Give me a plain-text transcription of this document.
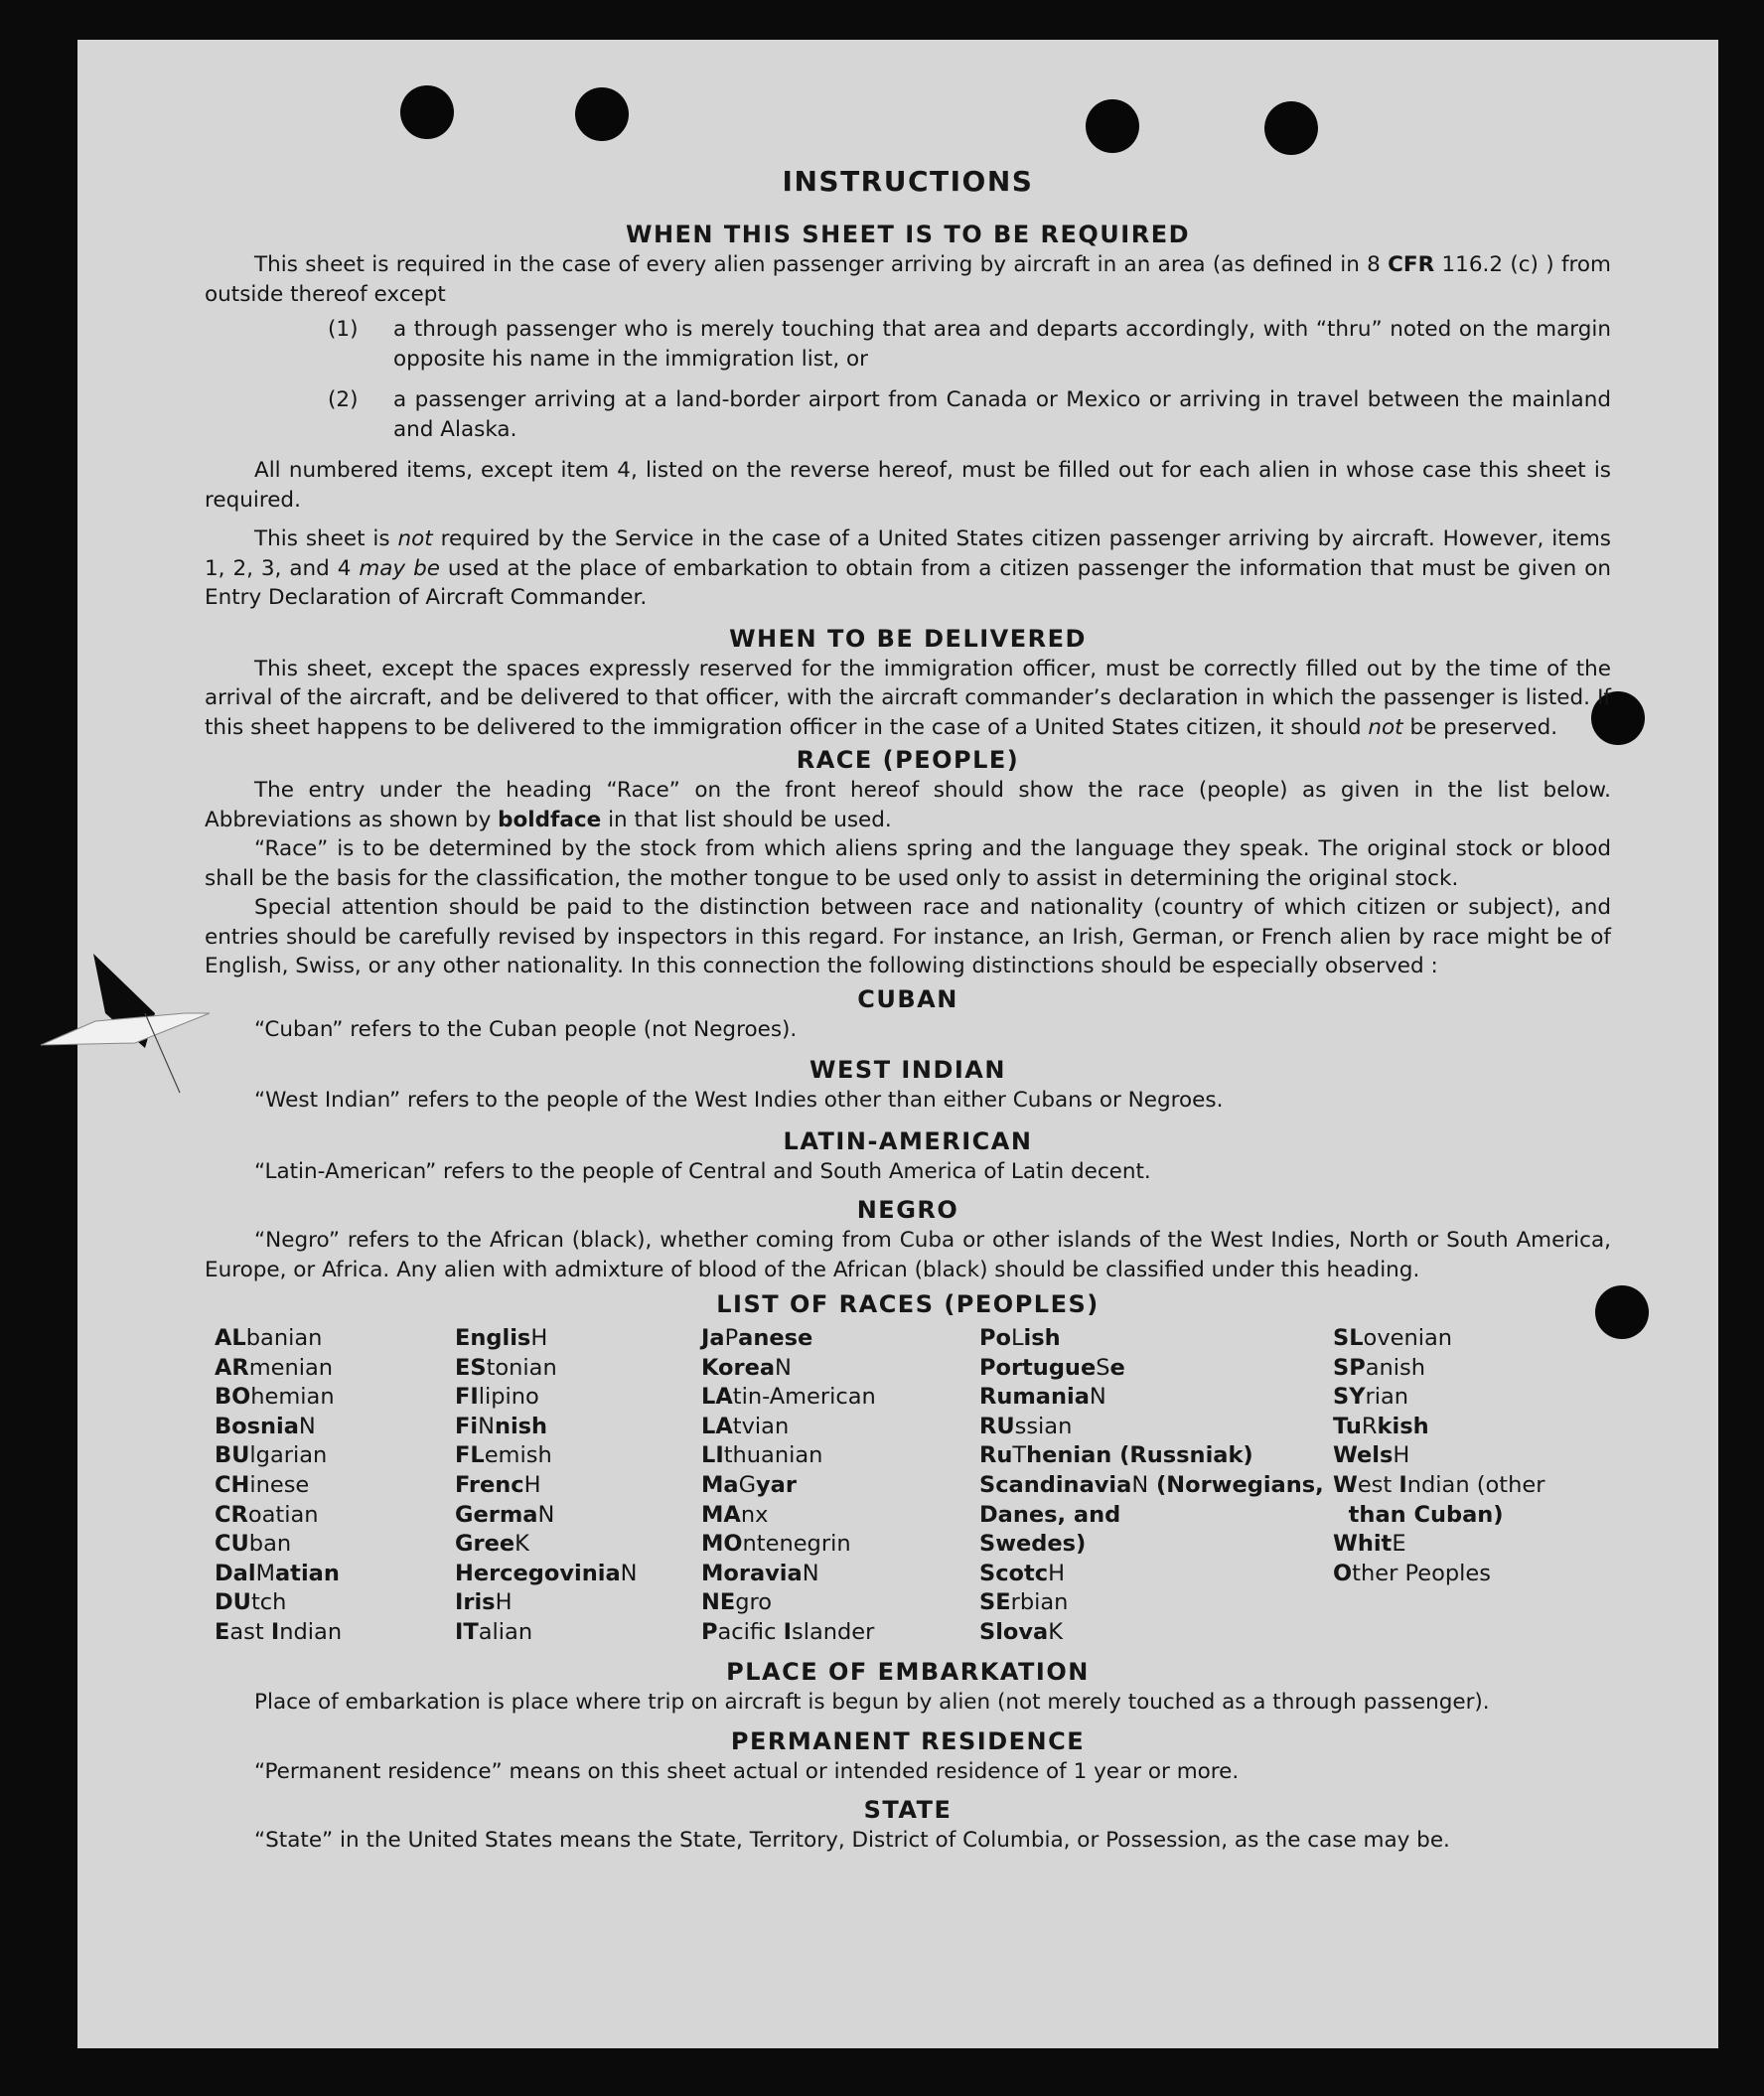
INSTRUCTIONS
WHEN THIS SHEET IS TO BE REQUIRED

This sheet is required in the case of every alien passenger arriving by aircraft in an area (as defined in 8 CFR 116.2 (c) ) from outside thereof except

(1) a through passenger who is merely touching that area and departs accordingly, with “thru” noted on the margin opposite his name in the immigration list, or

(2) a passenger arriving at a land-border airport from Canada or Mexico or arriving in travel between the mainland and Alaska.

All numbered items, except item 4, listed on the reverse hereof, must be filled out for each alien in whose case this sheet is required.

This sheet is not required by the Service in the case of a United States citizen passenger arriving by aircraft. However, items 1, 2, 3, and 4 may be used at the place of embarkation to obtain from a citizen passenger the information that must be given on Entry Declaration of Aircraft Commander.

WHEN TO BE DELIVERED

This sheet, except the spaces expressly reserved for the immigration officer, must be correctly filled out by the time of the arrival of the aircraft, and be delivered to that officer, with the aircraft commander’s declaration in which the passenger is listed. If this sheet happens to be delivered to the immigration officer in the case of a United States citizen, it should not be preserved.

RACE (PEOPLE)

The entry under the heading “Race” on the front hereof should show the race (people) as given in the list below. Abbreviations as shown by boldface in that list should be used.

“Race” is to be determined by the stock from which aliens spring and the language they speak. The original stock or blood shall be the basis for the classification, the mother tongue to be used only to assist in determining the original stock.

Special attention should be paid to the distinction between race and nationality (country of which citizen or subject), and entries should be carefully revised by inspectors in this regard. For instance, an Irish, German, or French alien by race might be of English, Swiss, or any other nationality. In this connection the following distinctions should be especially observed :

CUBAN

“Cuban” refers to the Cuban people (not Negroes).

WEST INDIAN

“West Indian” refers to the people of the West Indies other than either Cubans or Negroes.

LATIN-AMERICAN

“Latin-American” refers to the people of Central and South America of Latin decent.

NEGRO

“Negro” refers to the African (black), whether coming from Cuba or other islands of the West Indies, North or South America, Europe, or Africa. Any alien with admixture of blood of the African (black) should be classified under this heading.

LIST OF RACES (PEOPLES)
ALbanian
ARmenian
BOhemian
BosniaN
BUlgarian
CHinese
CRoatian
CUban
DalMatian
DUtch
East Indian
EnglisH
EStonian
FIlipino
FiNnish
FLemish
FrencH
GermaN
GreeK
HercegoviniaN
IrisH
ITalian
JaPanese
KoreaN
LAtin-American
LAtvian
LIthuanian
MaGyar
MAnx
MOntenegrin
MoraviaN
NEgro
Pacific Islander
PoLish
PortugueSe
RumaniaN
RUssian
RuThenian (Russniak)
ScandinaviaN (Norwegians,
Danes, and
Swedes)
ScotcH
SErbian
SlovaK
SLovenian
SPanish
SYrian
TuRkish
WelsH
West Indian (other
than Cuban)
WhitE
Other Peoples
PLACE OF EMBARKATION

Place of embarkation is place where trip on aircraft is begun by alien (not merely touched as a through passenger).

PERMANENT RESIDENCE

“Permanent residence” means on this sheet actual or intended residence of 1 year or more.

STATE

“State” in the United States means the State, Territory, District of Columbia, or Possession, as the case may be.
